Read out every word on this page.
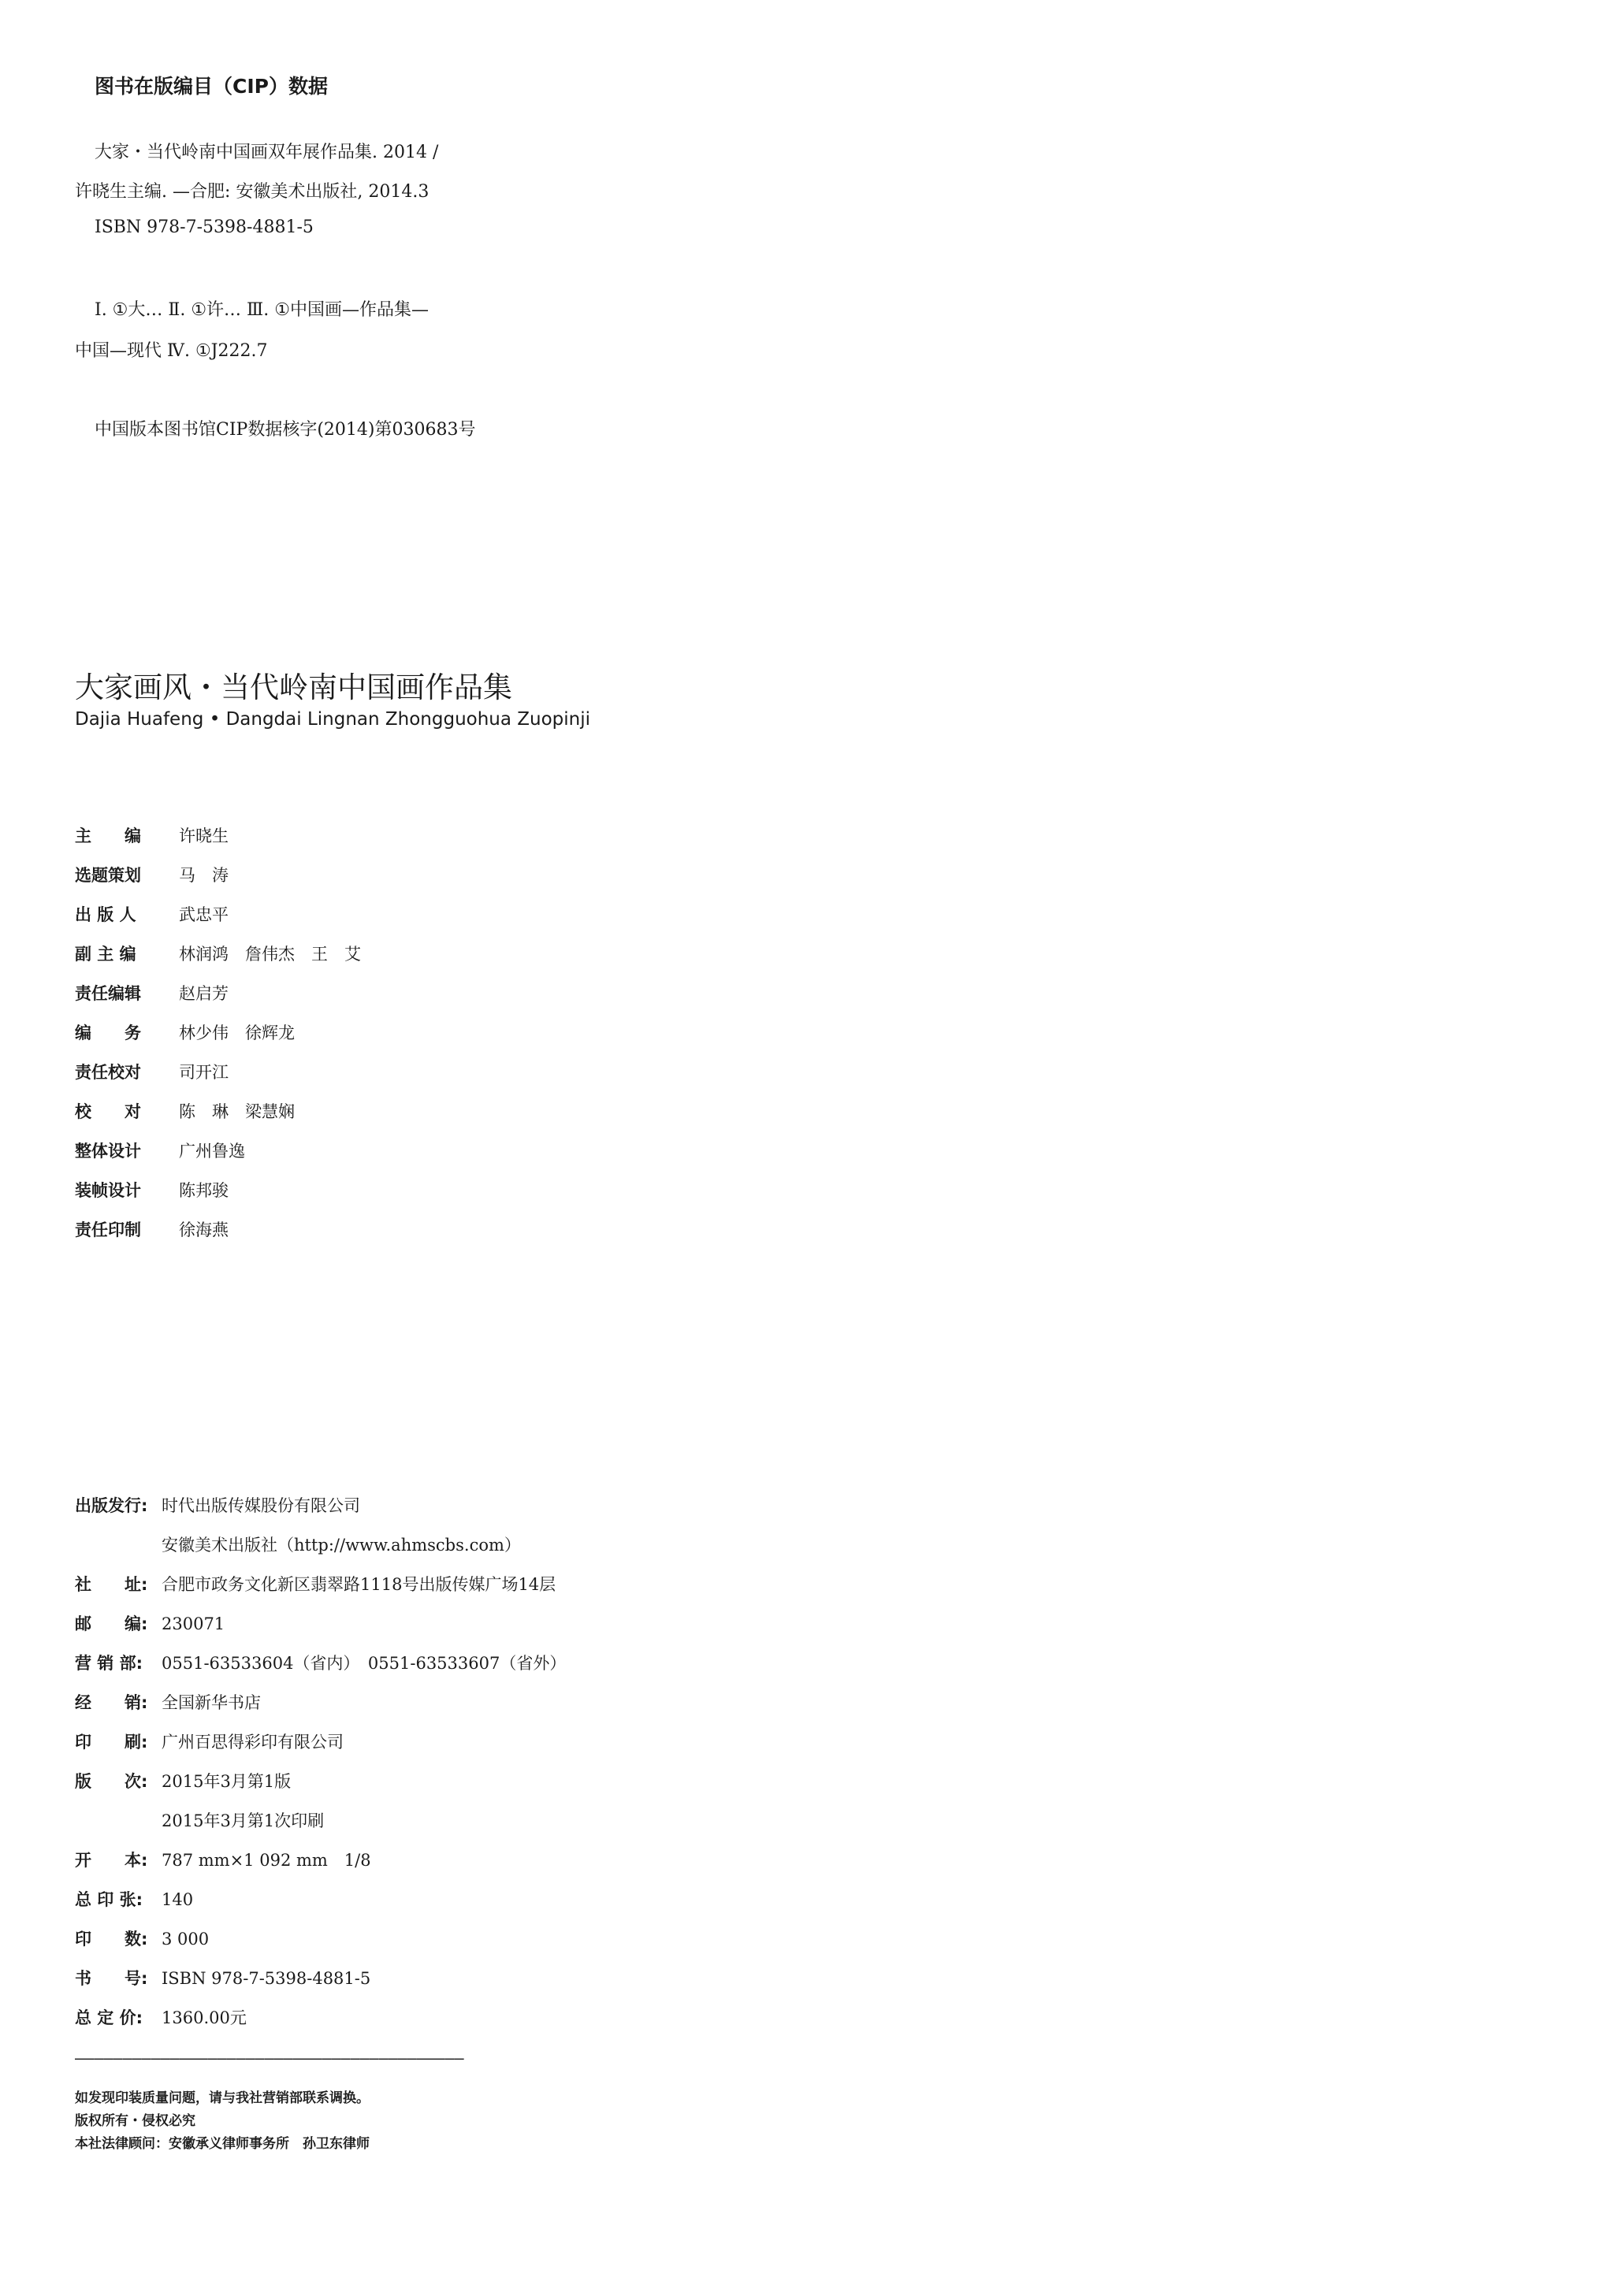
图书在版编目（CIP）数据
大家・当代岭南中国画双年展作品集. 2014 /
许晓生主编. —合肥: 安徽美术出版社, 2014.3
ISBN 978-7-5398-4881-5
Ⅰ. ①大… Ⅱ. ①许… Ⅲ. ①中国画—作品集—
中国—现代 Ⅳ. ①J222.7
中国版本图书馆CIP数据核字(2014)第030683号
大家画风・当代岭南中国画作品集
Dajia Huafeng • Dangdai Lingnan Zhongguohua Zuopinji
主　　编 许晓生
选题策划 马　涛
出 版 人	武忠平
副 主 编	林润鸿　詹伟杰　王　艾
责任编辑 赵启芳
编　　务 林少伟　徐辉龙
责任校对 司开江
校　　对 陈　琳　梁慧娴
整体设计 广州鲁逸
装帧设计 陈邦骏
责任印制 徐海燕
出版发行: 时代出版传媒股份有限公司
安徽美术出版社（http://www.ahmscbs.com）
社　　址: 合肥市政务文化新区翡翠路1118号出版传媒广场14层
邮　　编: 230071
营 销 部: 0551-63533604（省内）　0551-63533607（省外）
经　　销: 全国新华书店
印　　刷: 广州百思得彩印有限公司
版　　次: 2015年3月第1版
2015年3月第1次印刷
开　　本: 787 mm×1 092 mm　1/8
总 印 张: 140
印　　数: 3 000
书　　号: ISBN 978-7-5398-4881-5
总 定 价: 1360.00元
—————————————————————————————————————————
如发现印装质量问题，请与我社营销部联系调换。
版权所有・侵权必究
本社法律顾问：安徽承义律师事务所　孙卫东律师
